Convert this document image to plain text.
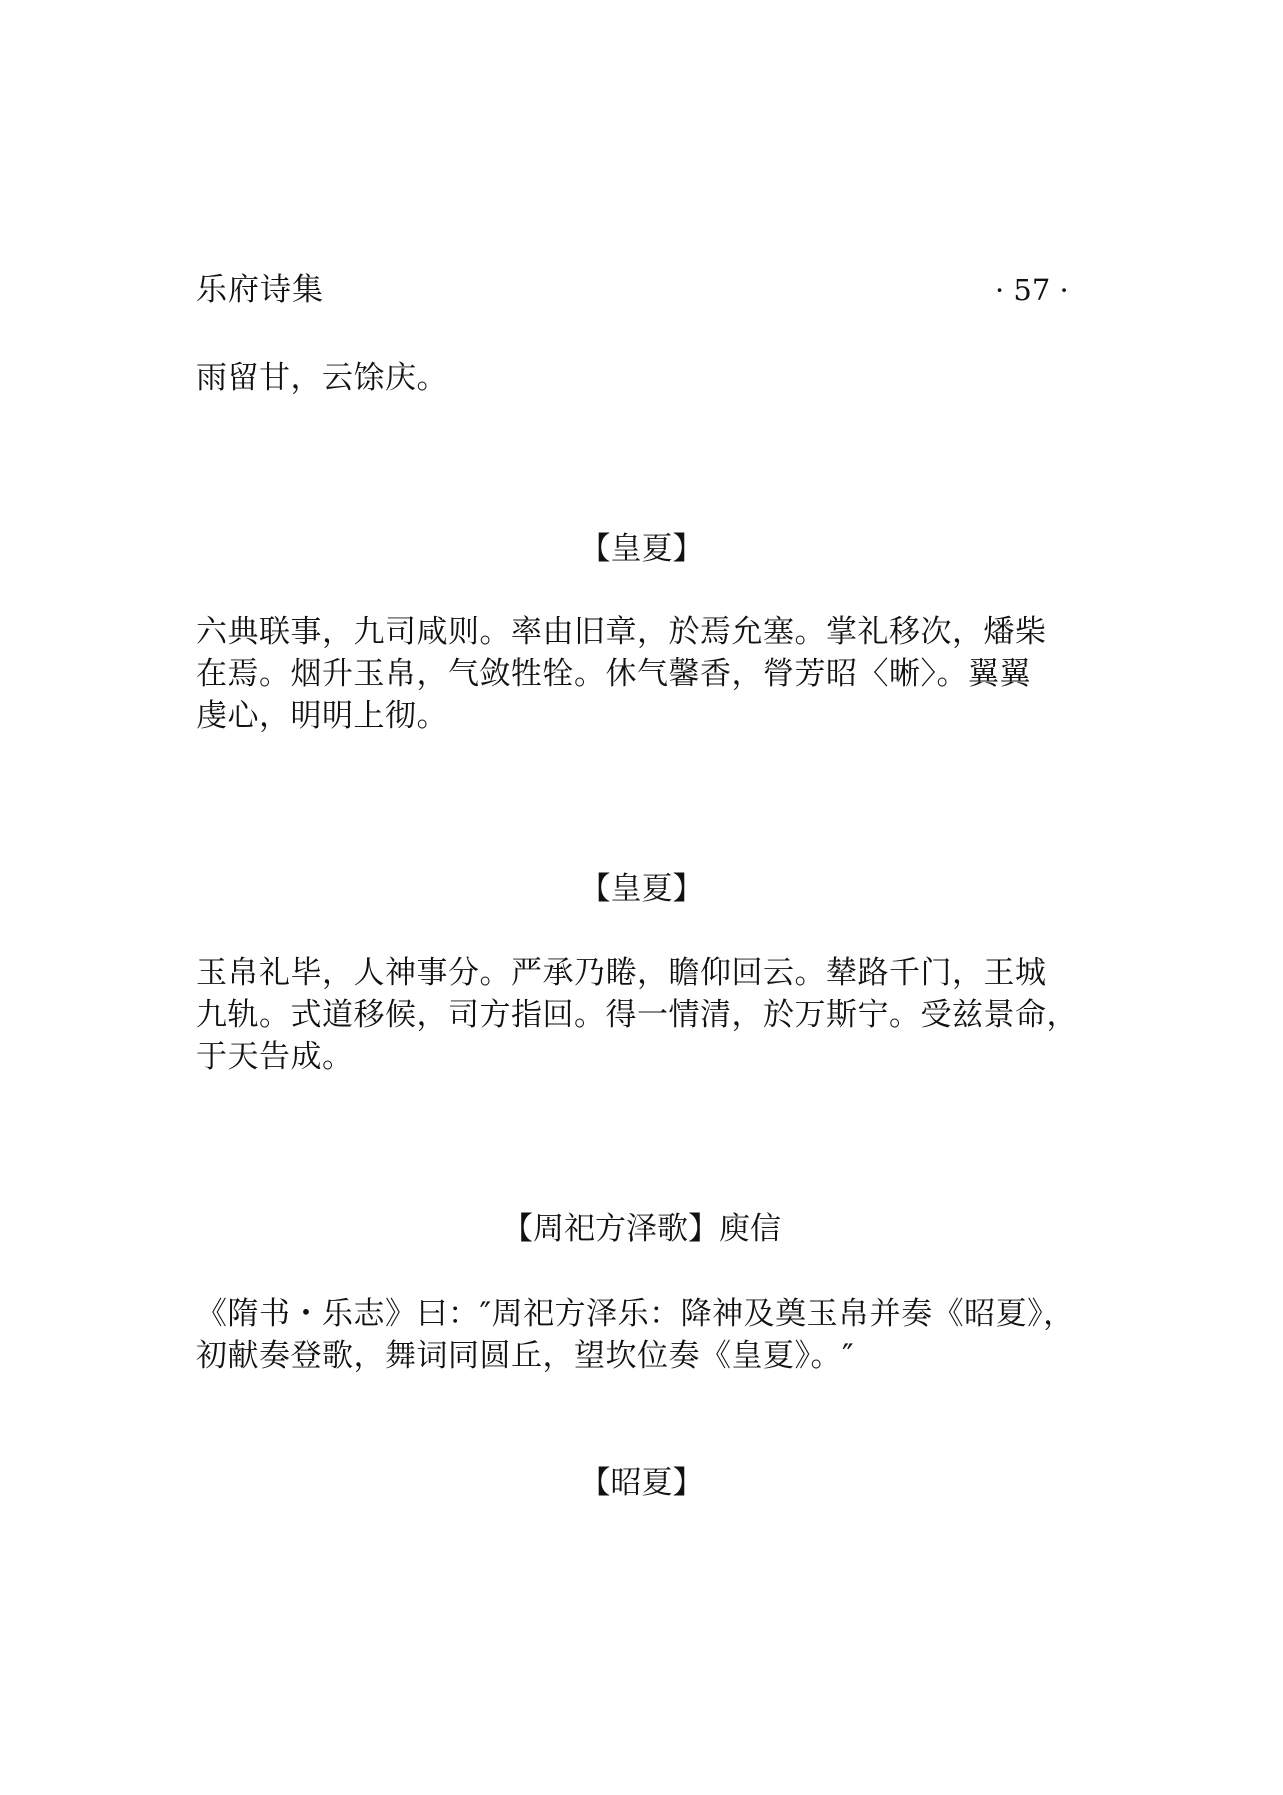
乐府诗集	· 57 ·
雨留甘，云馀庆。
【皇夏】
六典联事，九司咸则。率由旧章，於焉允塞。掌礼移次，燔柴
在焉。烟升玉帛，气敛牲牷。休气馨香，膋芳昭〈晰〉。翼翼
虔心，明明上彻。
【皇夏】
玉帛礼毕，人神事分。严承乃睠，瞻仰回云。辇路千门，王城
九轨。式道移候，司方指回。得一情清，於万斯宁。受兹景命，
于天告成。
【周祀方泽歌】庾信
《隋书・乐志》曰：″周祀方泽乐：降神及奠玉帛并奏《昭夏》，
初献奏登歌，舞词同圆丘，望坎位奏《皇夏》。″
【昭夏】
